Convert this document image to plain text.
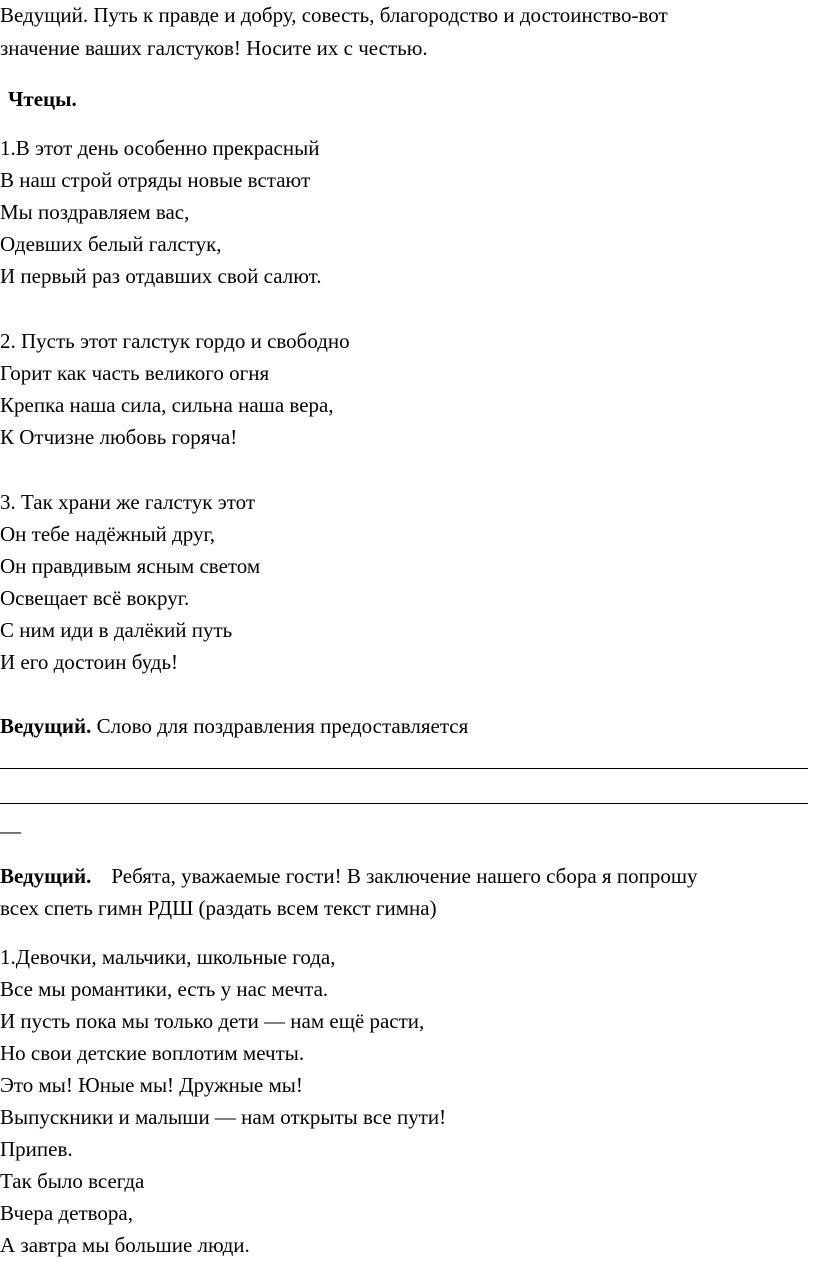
Ведущий. Путь к правде и добру, совесть, благородство и достоинство-вот
значение ваших галстуков! Носите их с честью.
Чтецы.
1.В этот день особенно прекрасный
В наш строй отряды новые встают
Мы поздравляем вас,
Одевших белый галстук,
И первый раз отдавших свой салют.
2. Пусть этот галстук гордо и свободно
Горит как часть великого огня
Крепка наша сила, сильна наша вера,
К Отчизне любовь горяча!
3. Так храни же галстук этот
Он тебе надёжный друг,
Он правдивым ясным светом
Освещает всё вокруг.
С ним иди в далёкий путь
И его достоин будь!
Ведущий. Слово для поздравления предоставляется
__
Ведущий. Ребята, уважаемые гости! В заключение нашего сбора я попрошу
всех спеть гимн РДШ (раздать всем текст гимна)
1.Девочки, мальчики, школьные года,
Все мы романтики, есть у нас мечта.
И пусть пока мы только дети — нам ещё расти,
Но свои детские воплотим мечты.
Это мы! Юные мы! Дружные мы!
Выпускники и малыши — нам открыты все пути!
Припев.
Так было всегда
Вчера детвора,
А завтра мы большие люди.
